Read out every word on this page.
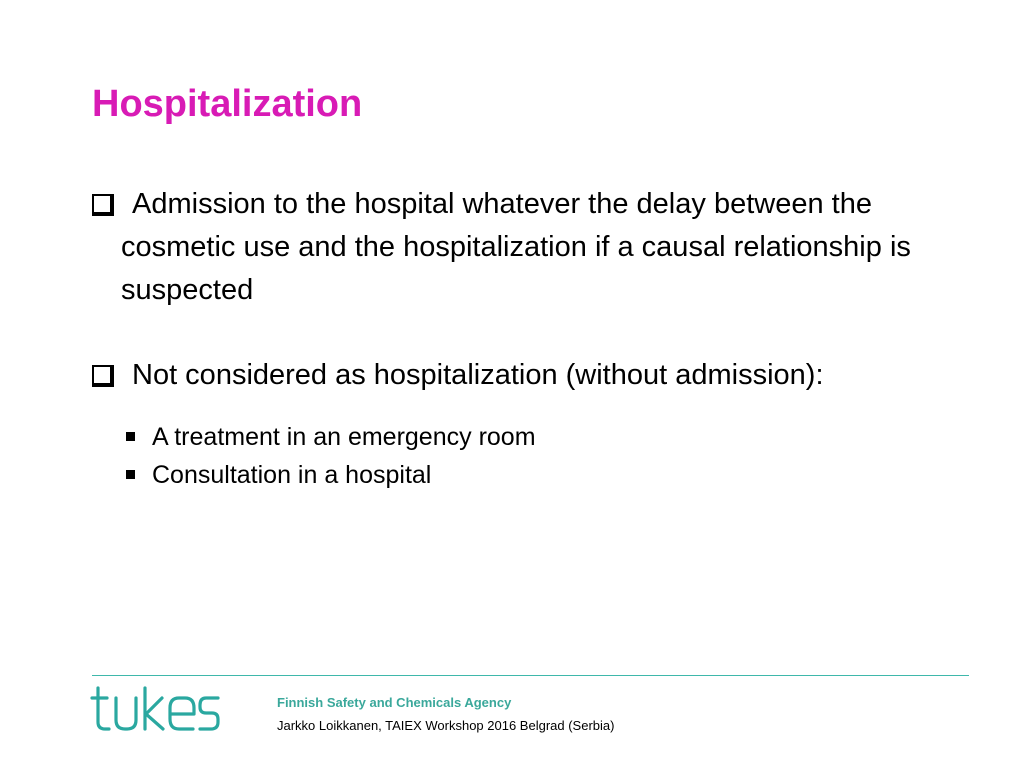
Hospitalization
Admission to the hospital whatever the delay between the cosmetic use and the hospitalization if a causal relationship is suspected
Not considered as hospitalization (without admission):
A treatment in an emergency room
Consultation in a hospital
Finnish Safety and Chemicals Agency
Jarkko Loikkanen, TAIEX Workshop 2016 Belgrad (Serbia)
